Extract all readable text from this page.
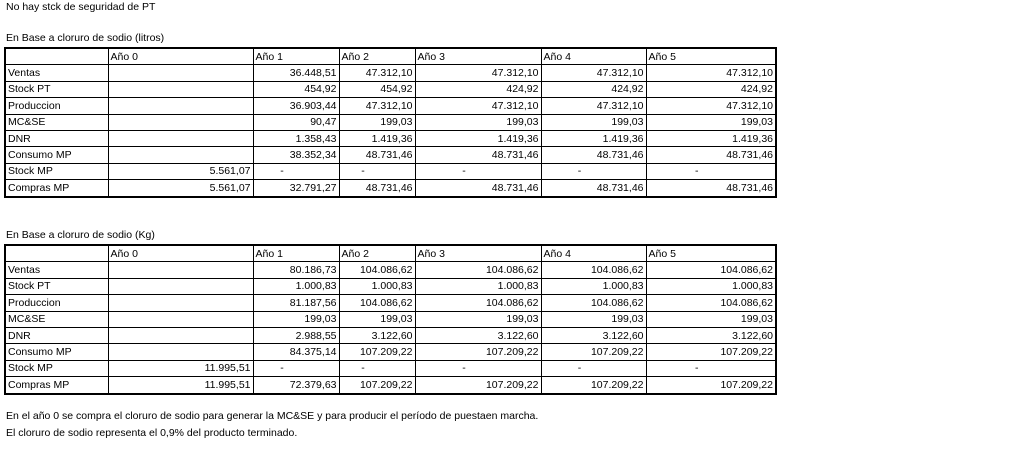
No hay stck de seguridad de PT
En Base a cloruro de sodio (litros)
	Año 0	Año 1	Año 2	Año 3	Año 4	Año 5
Ventas		36.448,51	47.312,10	47.312,10	47.312,10	47.312,10
Stock PT		454,92	454,92	424,92	424,92	424,92
Produccion		36.903,44	47.312,10	47.312,10	47.312,10	47.312,10
MC&SE		90,47	199,03	199,03	199,03	199,03
DNR		1.358,43	1.419,36	1.419,36	1.419,36	1.419,36
Consumo MP		38.352,34	48.731,46	48.731,46	48.731,46	48.731,46
Stock MP	5.561,07	-	-	-	-	-
Compras MP	5.561,07	32.791,27	48.731,46	48.731,46	48.731,46	48.731,46
En Base a cloruro de sodio (Kg)
	Año 0	Año 1	Año 2	Año 3	Año 4	Año 5
Ventas		80.186,73	104.086,62	104.086,62	104.086,62	104.086,62
Stock PT		1.000,83	1.000,83	1.000,83	1.000,83	1.000,83
Produccion		81.187,56	104.086,62	104.086,62	104.086,62	104.086,62
MC&SE		199,03	199,03	199,03	199,03	199,03
DNR		2.988,55	3.122,60	3.122,60	3.122,60	3.122,60
Consumo MP		84.375,14	107.209,22	107.209,22	107.209,22	107.209,22
Stock MP	11.995,51	-	-	-	-	-
Compras MP	11.995,51	72.379,63	107.209,22	107.209,22	107.209,22	107.209,22
En el año 0 se compra el cloruro de sodio para generar la MC&SE y para producir el período de puestaen marcha.
El cloruro de sodio representa el 0,9% del producto terminado.
